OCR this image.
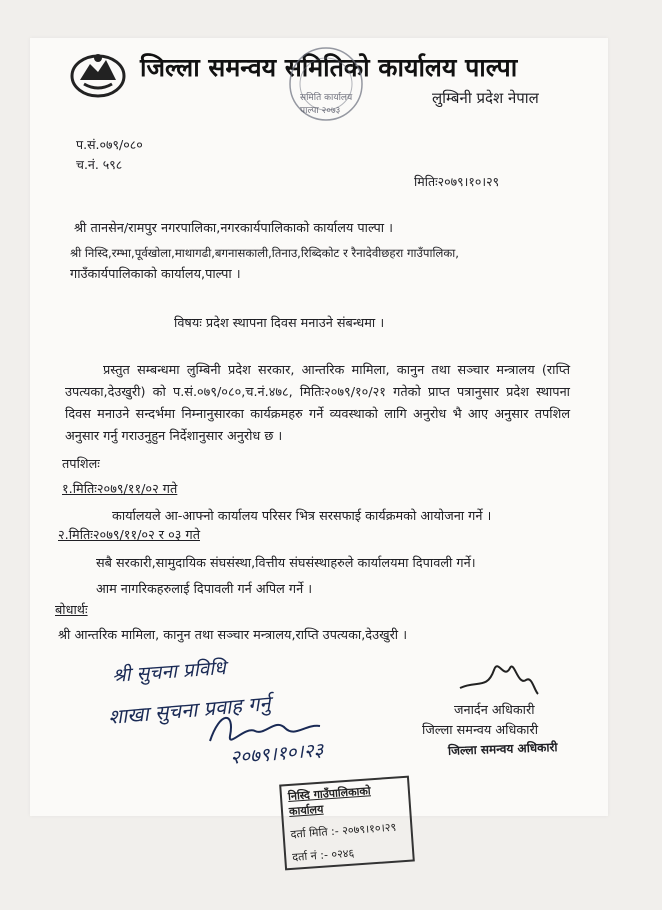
जिल्ला समन्वय समितिको कार्यालय पाल्पा
लुम्बिनी प्रदेश नेपाल
समिति कार्यालय पाल्पा २०७३
प.सं.०७९/०८०
च.नं. ५९८
मितिः२०७९।१०।२९
श्री तानसेन/रामपुर नगरपालिका,नगरकार्यपालिकाको कार्यालय पाल्पा ।
श्री निस्दि,रम्भा,पूर्वखोला,माथागढी,बगनासकाली,तिनाउ,रिब्दिकोट र रैनादेवीछहरा गाउँपालिका,
गाउँकार्यपालिकाको कार्यालय,पाल्पा ।
विषयः प्रदेश स्थापना दिवस मनाउने संबन्धमा ।
प्रस्तुत सम्बन्धमा लुम्बिनी प्रदेश सरकार, आन्तरिक मामिला, कानुन तथा सञ्चार मन्त्रालय (राप्ति उपत्यका,देउखुरी) को प.सं.०७९/०८०,च.नं.४७८, मितिः२०७९/१०/२१ गतेको प्राप्त पत्रानुसार प्रदेश स्थापना दिवस मनाउने सन्दर्भमा निम्नानुसारका कार्यक्रमहरु गर्ने व्यवस्थाको लागि अनुरोध भै आए अनुसार तपशिल अनुसार गर्नु गराउनुहुन निर्देशानुसार अनुरोध छ ।
तपशिलः
१.मितिः२०७९/११/०२ गते
कार्यालयले आ-आफ्नो कार्यालय परिसर भित्र सरसफाई कार्यक्रमको आयोजना गर्ने ।
२.मितिः२०७९/११/०२ र ०३ गते
सबै सरकारी,सामुदायिक संघसंस्था,वित्तीय संघसंस्थाहरुले कार्यालयमा दिपावली गर्ने।
आम नागरिकहरुलाई दिपावली गर्न अपिल गर्ने ।
बोधार्थः
श्री आन्तरिक मामिला, कानुन तथा सञ्चार मन्त्रालय,राप्ति उपत्यका,देउखुरी ।
श्री सुचना प्रविधि
शाखा सुचना प्रवाह गर्नु
२०७९।१०।२३
जनार्दन अधिकारी
जिल्ला समन्वय अधिकारी
जिल्ला समन्वय अधिकारी
निस्दि गाउँपालिकाको कार्यालय
दर्ता मिति :- २०७९।१०।२९
दर्ता नं :- ०२४६
